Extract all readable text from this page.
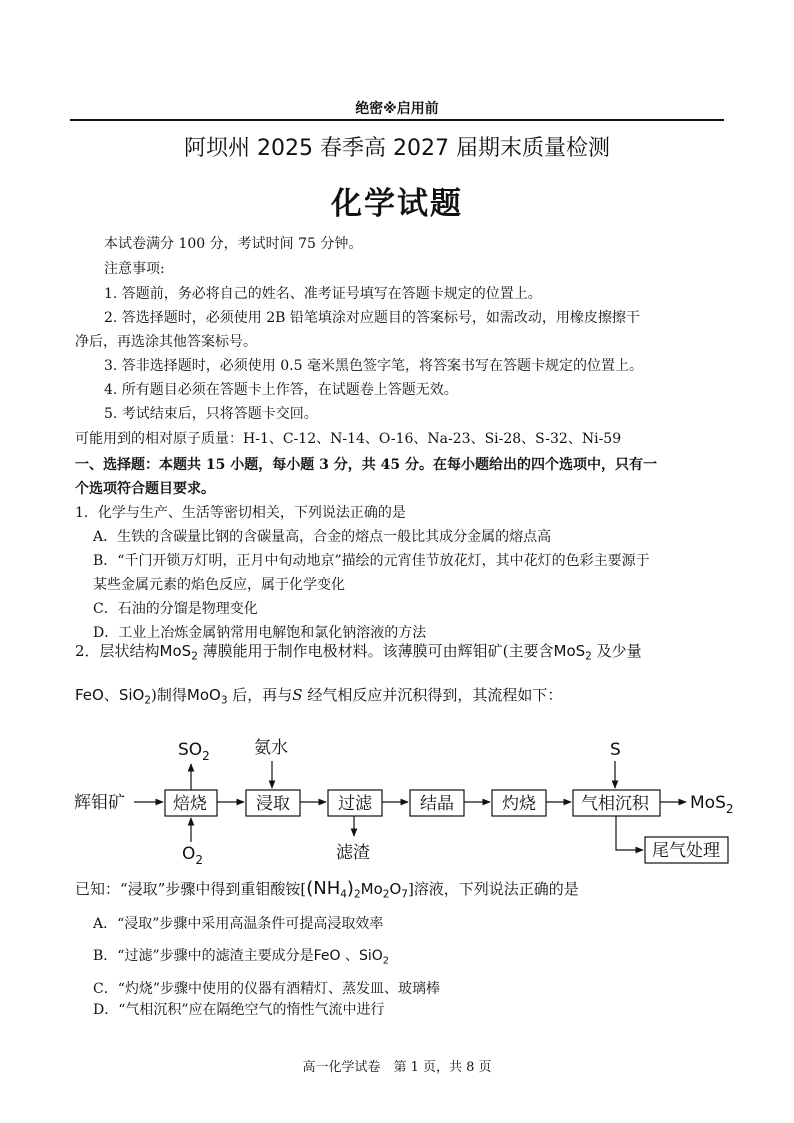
绝密※启用前
阿坝州 2025 春季高 2027 届期末质量检测
化学试题
本试卷满分 100 分，考试时间 75 分钟。
注意事项:
1. 答题前，务必将自己的姓名、准考证号填写在答题卡规定的位置上。
2. 答选择题时，必须使用 2B 铅笔填涂对应题目的答案标号，如需改动，用橡皮擦擦干
净后，再选涂其他答案标号。
3. 答非选择题时，必须使用 0.5 毫米黑色签字笔，将答案书写在答题卡规定的位置上。
4. 所有题目必须在答题卡上作答，在试题卷上答题无效。
5. 考试结束后，只将答题卡交回。
可能用到的相对原子质量：H-1、C-12、N-14、O-16、Na-23、Si-28、S-32、Ni-59
一、选择题：本题共 15 小题，每小题 3 分，共 45 分。在每小题给出的四个选项中，只有一
个选项符合题目要求。
1．化学与生产、生活等密切相关，下列说法正确的是
A．生铁的含碳量比钢的含碳量高，合金的熔点一般比其成分金属的熔点高
B．“千门开锁万灯明，正月中旬动地京”描绘的元宵佳节放花灯，其中花灯的色彩主要源于
某些金属元素的焰色反应，属于化学变化
C．石油的分馏是物理变化
D．工业上冶炼金属钠常用电解饱和氯化钠溶液的方法
2．层状结构MoS$_2$ 薄膜能用于制作电极材料。该薄膜可由辉钼矿(主要含MoS$_2$ 及少量
FeO、SiO$_2$)制得MoO$_3$ 后，再与S 经气相反应并沉积得到，其流程如下：
辉钼矿	焙烧	浸取	过滤	结晶	灼烧	气相沉积
尾气处理
$SO_2$
$O_2$
氨水
滤渣
S
MoS$_2$
已知：“浸取”步骤中得到重钼酸铵$[(NH_4)_2Mo_2O_7]$溶液，下列说法正确的是
A．“浸取”步骤中采用高温条件可提高浸取效率
B．“过滤”步骤中的滤渣主要成分是FeO 、SiO$_2$
C．“灼烧”步骤中使用的仪器有酒精灯、蒸发皿、玻璃棒
D．“气相沉积”应在隔绝空气的惰性气流中进行
高一化学试卷　第 1 页，共 8 页
